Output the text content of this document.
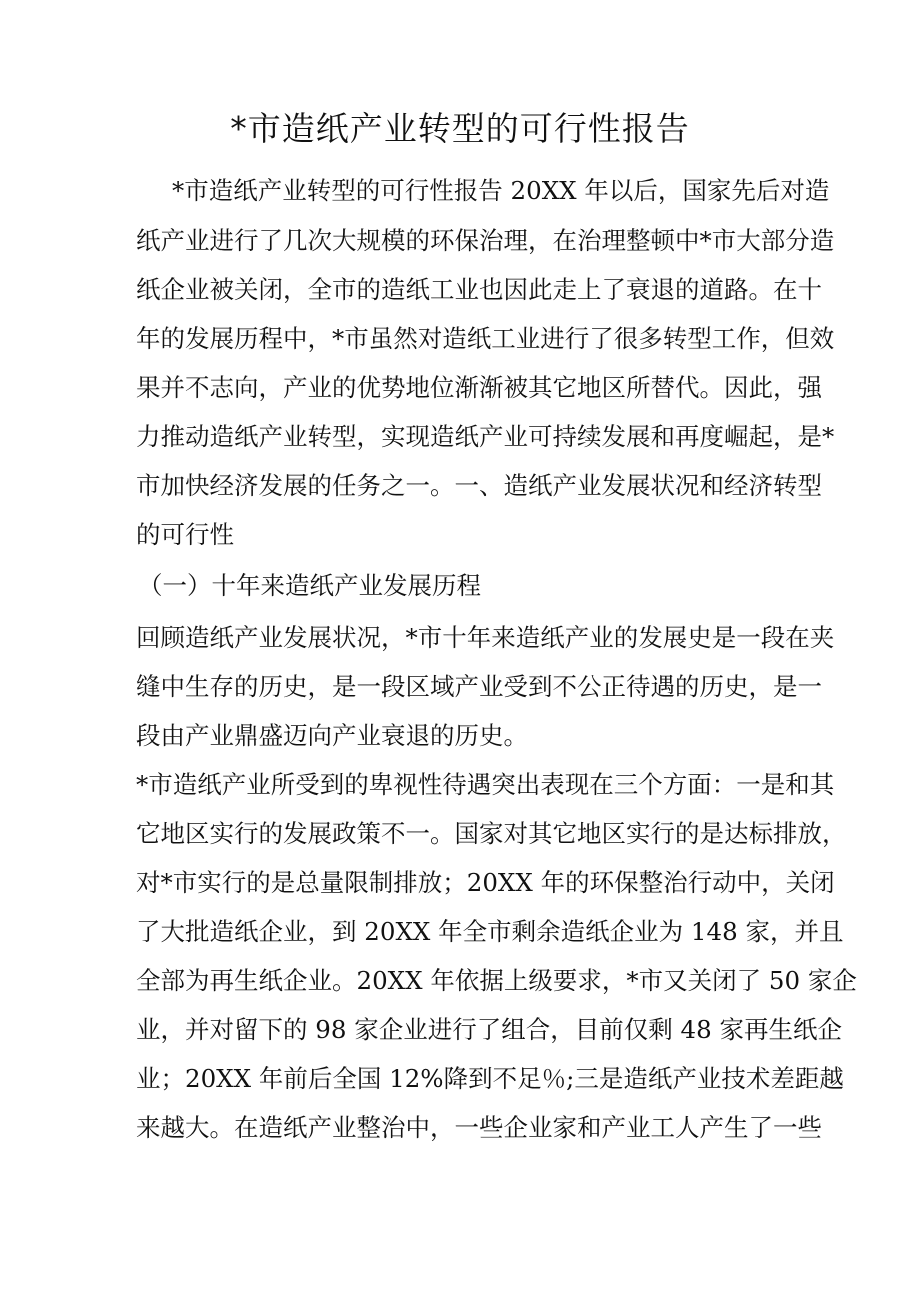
*市造纸产业转型的可行性报告
*市造纸产业转型的可行性报告 20XX 年以后，国家先后对造
纸产业进行了几次大规模的环保治理，在治理整顿中*市大部分造
纸企业被关闭，全市的造纸工业也因此走上了衰退的道路。在十
年的发展历程中，*市虽然对造纸工业进行了很多转型工作，但效
果并不志向，产业的优势地位渐渐被其它地区所替代。因此，强
力推动造纸产业转型，实现造纸产业可持续发展和再度崛起，是*
市加快经济发展的任务之一。一、造纸产业发展状况和经济转型
的可行性
（一）十年来造纸产业发展历程
回顾造纸产业发展状况，*市十年来造纸产业的发展史是一段在夹
缝中生存的历史，是一段区域产业受到不公正待遇的历史，是一
段由产业鼎盛迈向产业衰退的历史。
*市造纸产业所受到的卑视性待遇突出表现在三个方面：一是和其
它地区实行的发展政策不一。国家对其它地区实行的是达标排放，
对*市实行的是总量限制排放；20XX 年的环保整治行动中，关闭
了大批造纸企业，到 20XX 年全市剩余造纸企业为 148 家，并且
全部为再生纸企业。20XX 年依据上级要求，*市又关闭了 50 家企
业，并对留下的 98 家企业进行了组合，目前仅剩 48 家再生纸企
业；20XX 年前后全国 12%降到不足％;三是造纸产业技术差距越
来越大。在造纸产业整治中，一些企业家和产业工人产生了一些
